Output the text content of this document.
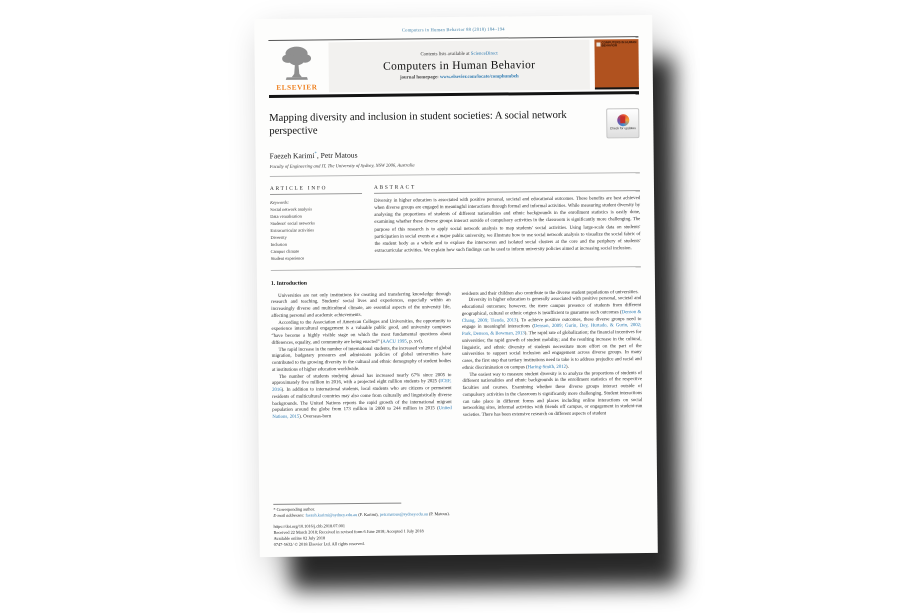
Computers in Human Behavior 88 (2018) 184–194
ELSEVIER
Contents lists available at ScienceDirect
Computers in Human Behavior
journal homepage: www.elsevier.com/locate/comphumbeh
COMPUTERS IN HUMAN BEHAVIOR
Mapping diversity and inclusion in student societies: A social network perspective	Check for updates
Faezeh Karimi*, Petr Matous
Faculty of Engineering and IT, The University of Sydney, NSW 2006, Australia
ARTICLE INFO
Keywords:
Social network analysis
Data visualisation
Students' social networks
Extracurricular activities
Diversity
Inclusion
Campus climate
Student experience
ABSTRACT
Diversity in higher education is associated with positive personal, societal and educational outcomes. These benefits are best achieved when diverse groups are engaged in meaningful interactions through formal and informal activities. While measuring student diversity by analysing the proportions of students of different nationalities and ethnic backgrounds in the enrollment statistics is easily done, examining whether these diverse groups interact outside of compulsory activities in the classroom is significantly more challenging. The purpose of this research is to apply social network analysis to map students' social activities. Using large-scale data on students' participation in social events at a major public university, we illustrate how to use social network analysis to visualize the social fabric of the student body as a whole and to explore the interwoven and isolated social clusters at the core and the periphery of students' extracurricular activities. We explain how such findings can be used to inform university policies aimed at increasing social inclusion.
1. Introduction

Universities are not only institutions for creating and transferring knowledge through research and teaching. Students' social lives and experiences, especially within an increasingly diverse and multicultural climate, are essential aspects of the university life, affecting personal and academic achievements.

According to the Association of American Colleges and Universities, the opportunity to experience intercultural engagement is a valuable public good, and university campuses “have become a highly visible stage on which the most fundamental questions about differences, equality, and community are being enacted” (AACU 1995, p. xvi).

The rapid increase in the number of international students, the increased volume of global migration, budgetary pressures and admissions policies of global universities have contributed to the growing diversity in the cultural and ethnic demography of student bodies at institutions of higher education worldwide.

The number of students studying abroad has increased nearly 67% since 2005 to approximately five million in 2016, with a projected eight million students by 2025 (ICEF, 2016). In addition to international students, local students who are citizens or permanent residents of multicultural countries may also come from culturally and linguistically diverse backgrounds. The United Nations reports the rapid growth of the international migrant population around the globe from 173 million in 2000 to 244 million in 2015 (United Nations, 2015). Overseas-born

residents and their children also contribute to the diverse student populations of universities.

Diversity in higher education is generally associated with positive personal, societal and educational outcomes; however, the mere campus presence of students from different geographical, cultural or ethnic origins is insufficient to guarantee such outcomes (Denson & Chang, 2009; Tienda, 2013). To achieve positive outcomes, these diverse groups need to engage in meaningful interactions (Denson, 2009; Gurin, Dey, Hurtado, & Gurin, 2002; Park, Denson, & Bowman, 2013). The rapid rate of globalization; the financial incentives for universities; the rapid growth of student mobility; and the resulting increase in the cultural, linguistic, and ethnic diversity of students necessitate more effort on the part of the universities to support social inclusion and engagement across diverse groups. In many cases, the first step that tertiary institutions need to take is to address prejudice and racial and ethnic discrimination on campus (Haring-Smith, 2012).

The easiest way to measure student diversity is to analyze the proportions of students of different nationalities and ethnic backgrounds in the enrollment statistics of the respective faculties and courses. Examining whether these diverse groups interact outside of compulsory activities in the classroom is significantly more challenging. Student interactions can take place in different forms and places including online interactions on social networking sites, informal activities with friends off campus, or engagement in student-run societies. There has been extensive research on different aspects of student

* Corresponding author.
E-mail addresses: faezeh.karimi@sydney.edu.au (F. Karimi), petr.matous@sydney.edu.au (P. Matous).
https://doi.org/10.1016/j.chb.2018.07.001
Received 22 March 2018; Received in revised form 6 June 2018; Accepted 1 July 2018
Available online 02 July 2018
0747-5632/ © 2018 Elsevier Ltd. All rights reserved.
